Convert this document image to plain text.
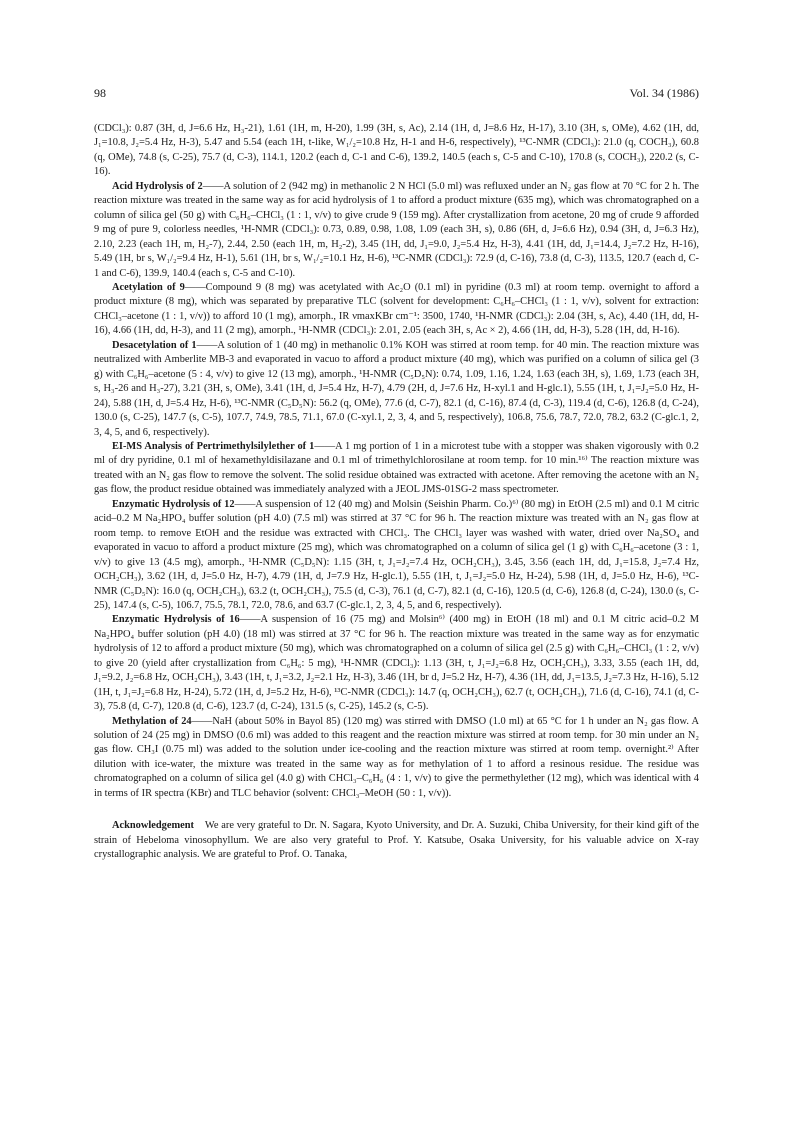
98	Vol. 34 (1986)

(CDCl₃): 0.87 (3H, d, J=6.6 Hz, H₃-21), 1.61 (1H, m, H-20), 1.99 (3H, s, Ac), 2.14 (1H, d, J=8.6 Hz, H-17), 3.10 (3H, s, OMe), 4.62 (1H, dd, J₁=10.8, J₂=5.4 Hz, H-3), 5.47 and 5.54 (each 1H, t-like, W₁/₂=10.8 Hz, H-1 and H-6, respectively), ¹³C-NMR (CDCl₃): 21.0 (q, COCH₃), 60.8 (q, OMe), 74.8 (s, C-25), 75.7 (d, C-3), 114.1, 120.2 (each d, C-1 and C-6), 139.2, 140.5 (each s, C-5 and C-10), 170.8 (s, COCH₃), 220.2 (s, C-16).

Acid Hydrolysis of 2——A solution of 2 (942 mg) in methanolic 2 N HCl (5.0 ml) was refluxed under an N₂ gas flow at 70 °C for 2 h. The reaction mixture was treated in the same way as for acid hydrolysis of 1 to afford a product mixture (635 mg), which was chromatographed on a column of silica gel (50 g) with C₆H₆–CHCl₃ (1 : 1, v/v) to give crude 9 (159 mg). After crystallization from acetone, 20 mg of crude 9 afforded 9 mg of pure 9, colorless needles, ¹H-NMR (CDCl₃): 0.73, 0.89, 0.98, 1.08, 1.09 (each 3H, s), 0.86 (6H, d, J=6.6 Hz), 0.94 (3H, d, J=6.3 Hz), 2.10, 2.23 (each 1H, m, H₂-7), 2.44, 2.50 (each 1H, m, H₂-2), 3.45 (1H, dd, J₁=9.0, J₂=5.4 Hz, H-3), 4.41 (1H, dd, J₁=14.4, J₂=7.2 Hz, H-16), 5.49 (1H, br s, W₁/₂=9.4 Hz, H-1), 5.61 (1H, br s, W₁/₂=10.1 Hz, H-6), ¹³C-NMR (CDCl₃): 72.9 (d, C-16), 73.8 (d, C-3), 113.5, 120.7 (each d, C-1 and C-6), 139.9, 140.4 (each s, C-5 and C-10).

Acetylation of 9——Compound 9 (8 mg) was acetylated with Ac₂O (0.1 ml) in pyridine (0.3 ml) at room temp. overnight to afford a product mixture (8 mg), which was separated by preparative TLC (solvent for development: C₆H₆–CHCl₃ (1 : 1, v/v), solvent for extraction: CHCl₃–acetone (1 : 1, v/v)) to afford 10 (1 mg), amorph., IR νmaxKBr cm⁻¹: 3500, 1740, ¹H-NMR (CDCl₃): 2.04 (3H, s, Ac), 4.40 (1H, dd, H-16), 4.66 (1H, dd, H-3), and 11 (2 mg), amorph., ¹H-NMR (CDCl₃): 2.01, 2.05 (each 3H, s, Ac × 2), 4.66 (1H, dd, H-3), 5.28 (1H, dd, H-16).

Desacetylation of 1——A solution of 1 (40 mg) in methanolic 0.1% KOH was stirred at room temp. for 40 min. The reaction mixture was neutralized with Amberlite MB-3 and evaporated in vacuo to afford a product mixture (40 mg), which was purified on a column of silica gel (3 g) with C₆H₆–acetone (5 : 4, v/v) to give 12 (13 mg), amorph., ¹H-NMR (C₅D₅N): 0.74, 1.09, 1.16, 1.24, 1.63 (each 3H, s), 1.69, 1.73 (each 3H, s, H₃-26 and H₃-27), 3.21 (3H, s, OMe), 3.41 (1H, d, J=5.4 Hz, H-7), 4.79 (2H, d, J=7.6 Hz, H-xyl.1 and H-glc.1), 5.55 (1H, t, J₁=J₂=5.0 Hz, H-24), 5.88 (1H, d, J=5.4 Hz, H-6), ¹³C-NMR (C₅D₅N): 56.2 (q, OMe), 77.6 (d, C-7), 82.1 (d, C-16), 87.4 (d, C-3), 119.4 (d, C-6), 126.8 (d, C-24), 130.0 (s, C-25), 147.7 (s, C-5), 107.7, 74.9, 78.5, 71.1, 67.0 (C-xyl.1, 2, 3, 4, and 5, respectively), 106.8, 75.6, 78.7, 72.0, 78.2, 63.2 (C-glc.1, 2, 3, 4, 5, and 6, respectively).

EI-MS Analysis of Pertrimethylsilylether of 1——A 1 mg portion of 1 in a microtest tube with a stopper was shaken vigorously with 0.2 ml of dry pyridine, 0.1 ml of hexamethyldisilazane and 0.1 ml of trimethylchlorosilane at room temp. for 10 min.¹⁶⁾ The reaction mixture was treated with an N₂ gas flow to remove the solvent. The solid residue obtained was extracted with acetone. After removing the acetone with an N₂ gas flow, the product residue obtained was immediately analyzed with a JEOL JMS-01SG-2 mass spectrometer.

Enzymatic Hydrolysis of 12——A suspension of 12 (40 mg) and Molsin (Seishin Pharm. Co.)⁶⁾ (80 mg) in EtOH (2.5 ml) and 0.1 M citric acid–0.2 M Na₂HPO₄ buffer solution (pH 4.0) (7.5 ml) was stirred at 37 °C for 96 h. The reaction mixture was treated with an N₂ gas flow at room temp. to remove EtOH and the residue was extracted with CHCl₃. The CHCl₃ layer was washed with water, dried over Na₂SO₄ and evaporated in vacuo to afford a product mixture (25 mg), which was chromatographed on a column of silica gel (1 g) with C₆H₆–acetone (3 : 1, v/v) to give 13 (4.5 mg), amorph., ¹H-NMR (C₅D₅N): 1.15 (3H, t, J₁=J₂=7.4 Hz, OCH₂CH₃), 3.45, 3.56 (each 1H, dd, J₁=15.8, J₂=7.4 Hz, OCH₂CH₃), 3.62 (1H, d, J=5.0 Hz, H-7), 4.79 (1H, d, J=7.9 Hz, H-glc.1), 5.55 (1H, t, J₁=J₂=5.0 Hz, H-24), 5.98 (1H, d, J=5.0 Hz, H-6), ¹³C-NMR (C₅D₅N): 16.0 (q, OCH₂CH₃), 63.2 (t, OCH₂CH₃), 75.5 (d, C-3), 76.1 (d, C-7), 82.1 (d, C-16), 120.5 (d, C-6), 126.8 (d, C-24), 130.0 (s, C-25), 147.4 (s, C-5), 106.7, 75.5, 78.1, 72.0, 78.6, and 63.7 (C-glc.1, 2, 3, 4, 5, and 6, respectively).

Enzymatic Hydrolysis of 16——A suspension of 16 (75 mg) and Molsin⁶⁾ (400 mg) in EtOH (18 ml) and 0.1 M citric acid–0.2 M Na₂HPO₄ buffer solution (pH 4.0) (18 ml) was stirred at 37 °C for 96 h. The reaction mixture was treated in the same way as for enzymatic hydrolysis of 12 to afford a product mixture (50 mg), which was chromatographed on a column of silica gel (2.5 g) with C₆H₆–CHCl₃ (1 : 2, v/v) to give 20 (yield after crystallization from C₆H₆: 5 mg), ¹H-NMR (CDCl₃): 1.13 (3H, t, J₁=J₂=6.8 Hz, OCH₂CH₃), 3.33, 3.55 (each 1H, dd, J₁=9.2, J₂=6.8 Hz, OCH₂CH₃), 3.43 (1H, t, J₁=3.2, J₂=2.1 Hz, H-3), 3.46 (1H, br d, J=5.2 Hz, H-7), 4.36 (1H, dd, J₁=13.5, J₂=7.3 Hz, H-16), 5.12 (1H, t, J₁=J₂=6.8 Hz, H-24), 5.72 (1H, d, J=5.2 Hz, H-6), ¹³C-NMR (CDCl₃): 14.7 (q, OCH₂CH₃), 62.7 (t, OCH₂CH₃), 71.6 (d, C-16), 74.1 (d, C-3), 75.8 (d, C-7), 120.8 (d, C-6), 123.7 (d, C-24), 131.5 (s, C-25), 145.2 (s, C-5).

Methylation of 24——NaH (about 50% in Bayol 85) (120 mg) was stirred with DMSO (1.0 ml) at 65 °C for 1 h under an N₂ gas flow. A solution of 24 (25 mg) in DMSO (0.6 ml) was added to this reagent and the reaction mixture was stirred at room temp. for 30 min under an N₂ gas flow. CH₃I (0.75 ml) was added to the solution under ice-cooling and the reaction mixture was stirred at room temp. overnight.²⁾ After dilution with ice-water, the mixture was treated in the same way as for methylation of 1 to afford a resinous residue. The residue was chromatographed on a column of silica gel (4.0 g) with CHCl₃–C₆H₆ (4 : 1, v/v) to give the permethylether (12 mg), which was identical with 4 in terms of IR spectra (KBr) and TLC behavior (solvent: CHCl₃–MeOH (50 : 1, v/v)).

Acknowledgement We are very grateful to Dr. N. Sagara, Kyoto University, and Dr. A. Suzuki, Chiba University, for their kind gift of the strain of Hebeloma vinosophyllum. We are also very grateful to Prof. Y. Katsube, Osaka University, for his valuable advice on X-ray crystallographic analysis. We are grateful to Prof. O. Tanaka,
